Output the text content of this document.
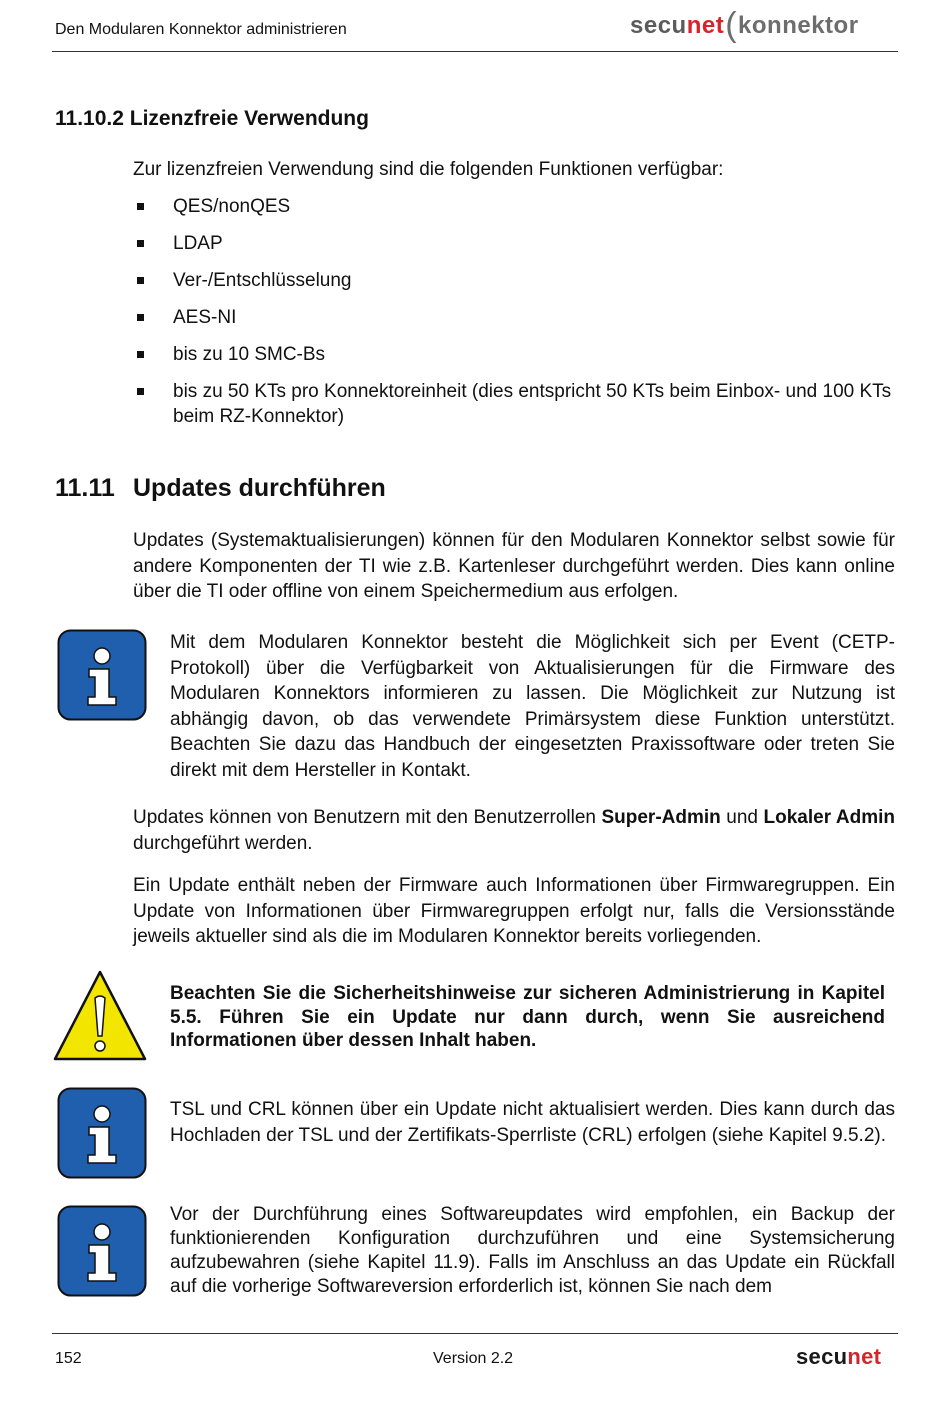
Den Modularen Konnektor administrieren	secunet(konnektor
11.10.2 Lizenzfreie Verwendung
Zur lizenzfreien Verwendung sind die folgenden Funktionen verfügbar:
QES/nonQES
LDAP
Ver-/Entschlüsselung
AES-NI
bis zu 10 SMC-Bs
bis zu 50 KTs pro Konnektoreinheit (dies entspricht 50 KTs beim Einbox- und 100 KTs beim RZ-Konnektor)
11.11 Updates durchführen
Updates (Systemaktualisierungen) können für den Modularen Konnektor selbst sowie für andere Komponenten der TI wie z.B. Kartenleser durchgeführt werden. Dies kann online über die TI oder offline von einem Speichermedium aus erfolgen.
Mit dem Modularen Konnektor besteht die Möglichkeit sich per Event (CETP-Protokoll) über die Verfügbarkeit von Aktualisierungen für die Firmware des Modularen Konnektors informieren zu lassen. Die Möglichkeit zur Nutzung ist abhängig davon, ob das verwendete Primärsystem diese Funktion unterstützt. Beachten Sie dazu das Handbuch der eingesetzten Praxissoftware oder treten Sie direkt mit dem Hersteller in Kontakt.
Updates können von Benutzern mit den Benutzerrollen Super-Admin und Lokaler Admin durchgeführt werden.
Ein Update enthält neben der Firmware auch Informationen über Firmwaregruppen. Ein Update von Informationen über Firmwaregruppen erfolgt nur, falls die Versionsstände jeweils aktueller sind als die im Modularen Konnektor bereits vorliegenden.
Beachten Sie die Sicherheitshinweise zur sicheren Administrierung in Kapitel 5.5. Führen Sie ein Update nur dann durch, wenn Sie ausreichend Informationen über dessen Inhalt haben.
TSL und CRL können über ein Update nicht aktualisiert werden. Dies kann durch das Hochladen der TSL und der Zertifikats-Sperrliste (CRL) erfolgen (siehe Kapitel 9.5.2).
Vor der Durchführung eines Softwareupdates wird empfohlen, ein Backup der funktionierenden Konfiguration durchzuführen und eine Systemsicherung aufzubewahren (siehe Kapitel 11.9). Falls im Anschluss an das Update ein Rückfall auf die vorherige Softwareversion erforderlich ist, können Sie nach dem
152	Version 2.2	secunet
